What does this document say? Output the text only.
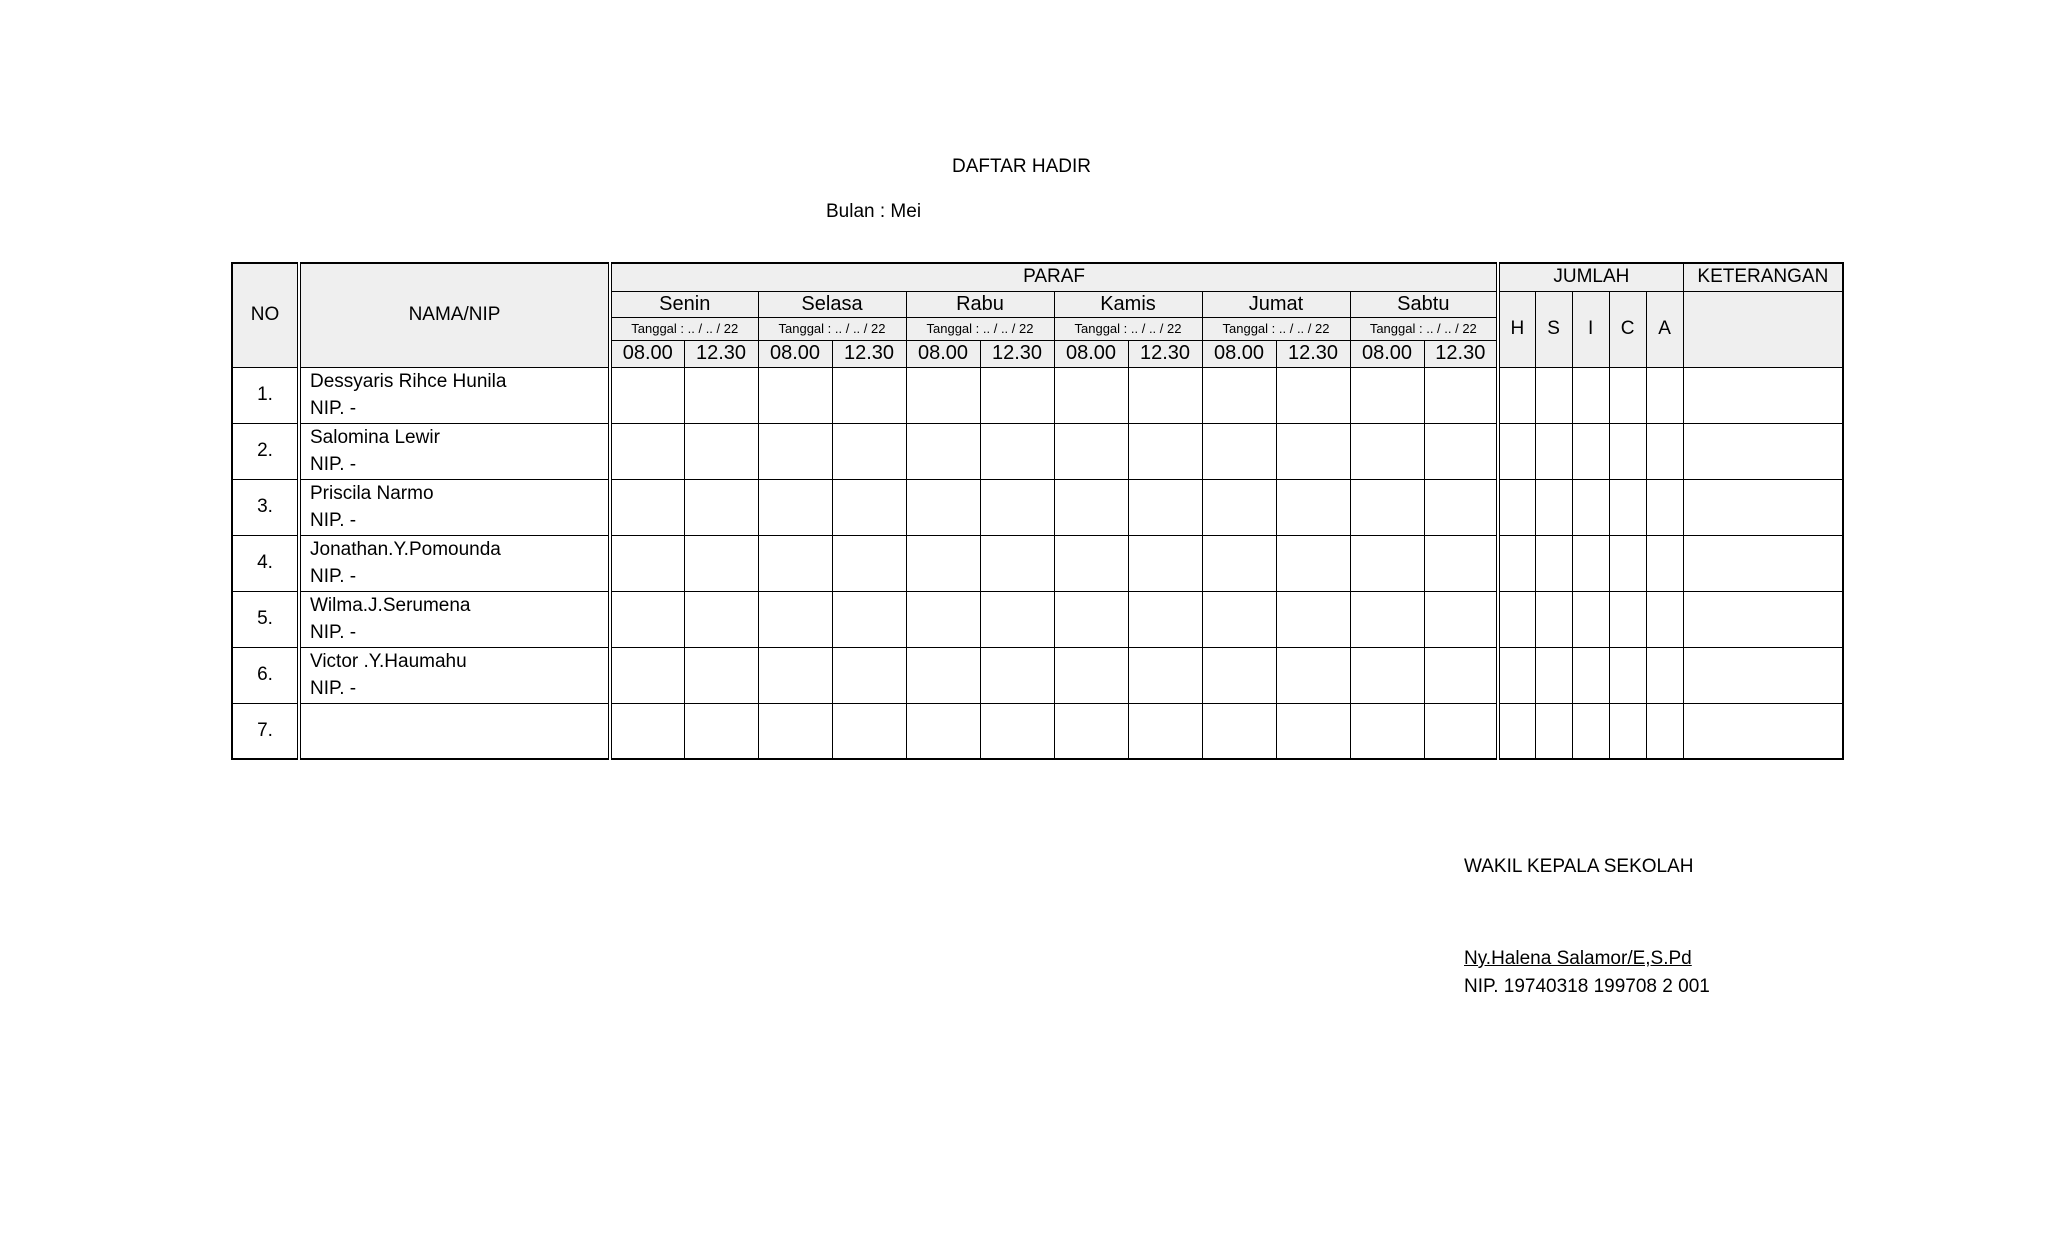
DAFTAR HADIR
Bulan : Mei
NO	NAMA/NIP	PARAF												JUMLAH					KETERANGAN
		Senin		Selasa		Rabu		Kamis		Jumat		Sabtu		H	S	I	C	A	
		Tanggal : .. / .. / 22		Tanggal : .. / .. / 22		Tanggal : .. / .. / 22		Tanggal : .. / .. / 22		Tanggal : .. / .. / 22		Tanggal : .. / .. / 22							
		08.00	12.30	08.00	12.30	08.00	12.30	08.00	12.30	08.00	12.30	08.00	12.30						
1.	Dessyaris Rihce Hunila
NIP. -																		

2.	Salomina Lewir
NIP. -																		

3.	Priscila Narmo
NIP. -																		

4.	Jonathan.Y.Pomounda
NIP. -																		

5.	Wilma.J.Serumena
NIP. -																		

6.	Victor .Y.Haumahu
NIP. -																		

7.	

WAKIL KEPALA SEKOLAH
Ny.Halena Salamor/E,S.Pd
NIP. 19740318 199708 2 001
